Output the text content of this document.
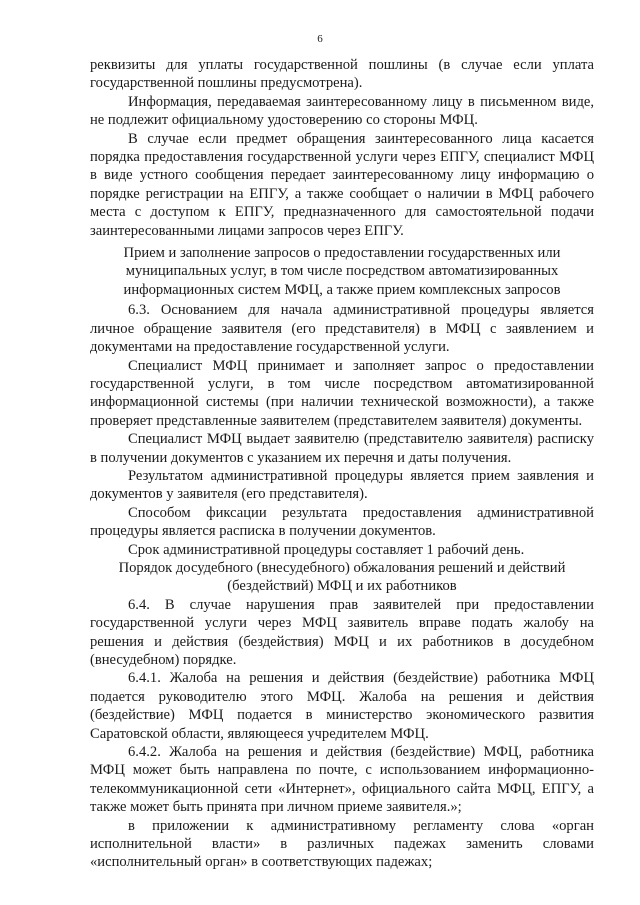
6

реквизиты для уплаты государственной пошлины (в случае если уплата государственной пошлины предусмотрена).

Информация, передаваемая заинтересованному лицу в письменном виде, не подлежит официальному удостоверению со стороны МФЦ.

В случае если предмет обращения заинтересованного лица касается порядка предоставления государственной услуги через ЕПГУ, специалист МФЦ в виде устного сообщения передает заинтересованному лицу информацию о порядке регистрации на ЕПГУ, а также сообщает о наличии в МФЦ рабочего места с доступом к ЕПГУ, предназначенного для самостоятельной подачи заинтересованными лицами запросов через ЕПГУ.

Прием и заполнение запросов о предоставлении государственных или муниципальных услуг, в том числе посредством автоматизированных информационных систем МФЦ, а также прием комплексных запросов

6.3. Основанием для начала административной процедуры является личное обращение заявителя (его представителя) в МФЦ с заявлением и документами на предоставление государственной услуги.

Специалист МФЦ принимает и заполняет запрос о предоставлении государственной услуги, в том числе посредством автоматизированной информационной системы (при наличии технической возможности), а также проверяет представленные заявителем (представителем заявителя) документы.

Специалист МФЦ выдает заявителю (представителю заявителя) расписку в получении документов с указанием их перечня и даты получения.

Результатом административной процедуры является прием заявления и документов у заявителя (его представителя).

Способом фиксации результата предоставления административной процедуры является расписка в получении документов.

Срок административной процедуры составляет 1 рабочий день.

Порядок досудебного (внесудебного) обжалования решений и действий (бездействий) МФЦ и их работников

6.4. В случае нарушения прав заявителей при предоставлении государственной услуги через МФЦ заявитель вправе подать жалобу на решения и действия (бездействия) МФЦ и их работников в досудебном (внесудебном) порядке.

6.4.1. Жалоба на решения и действия (бездействие) работника МФЦ подается руководителю этого МФЦ. Жалоба на решения и действия (бездействие) МФЦ подается в министерство экономического развития Саратовской области, являющееся учредителем МФЦ.

6.4.2. Жалоба на решения и действия (бездействие) МФЦ, работника МФЦ может быть направлена по почте, с использованием информационно-телекоммуникационной сети «Интернет», официального сайта МФЦ, ЕПГУ, а также может быть принята при личном приеме заявителя.»;

в приложении к административному регламенту слова «орган исполнительной власти» в различных падежах заменить словами «исполнительный орган» в соответствующих падежах;
